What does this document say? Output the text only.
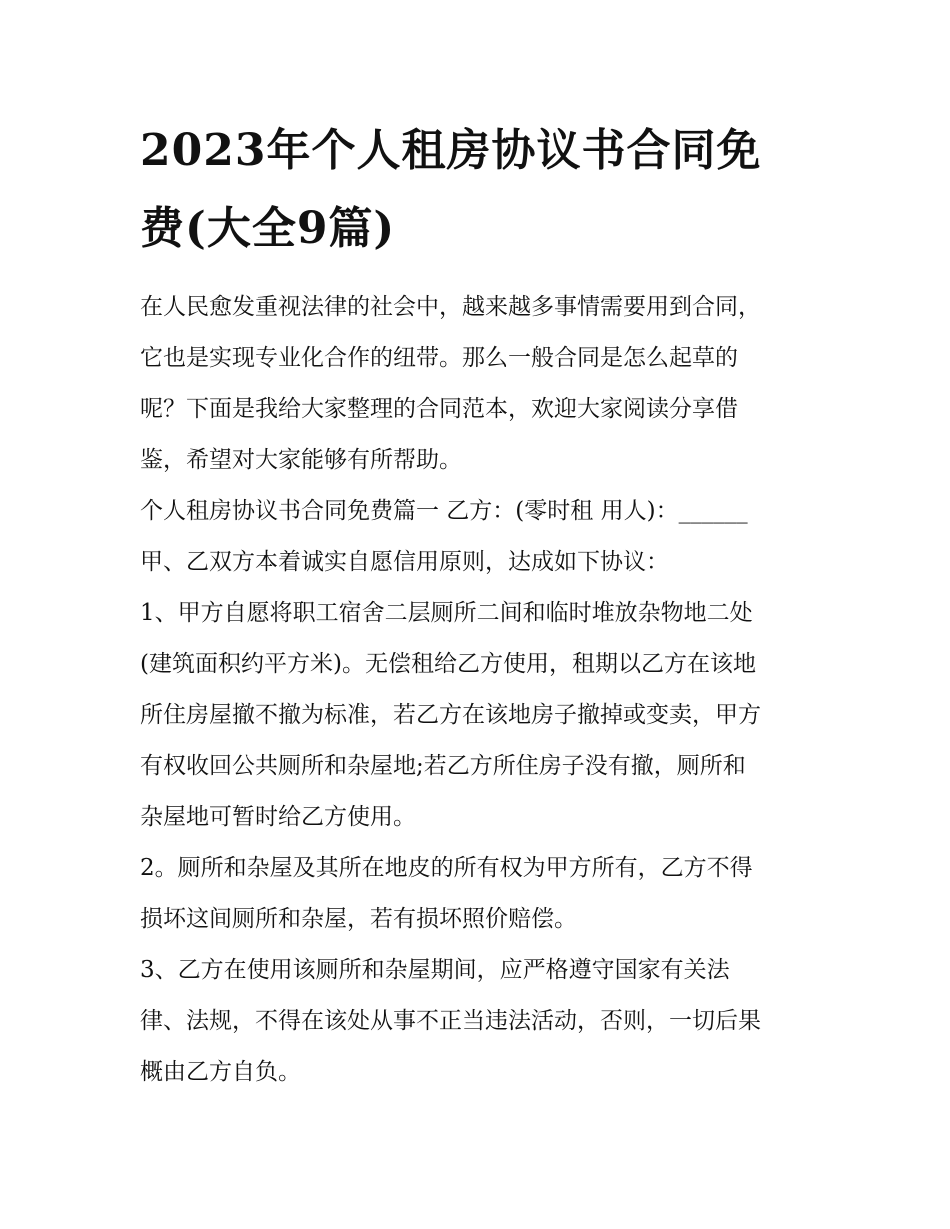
2023年个人租房协议书合同免
费(大全9篇)

在人民愈发重视法律的社会中，越来越多事情需要用到合同，
它也是实现专业化合作的纽带。那么一般合同是怎么起草的
呢？下面是我给大家整理的合同范本，欢迎大家阅读分享借
鉴，希望对大家能够有所帮助。

个人租房协议书合同免费篇一 乙方：(零时租 用人)：______

甲、乙双方本着诚实自愿信用原则，达成如下协议：

1、甲方自愿将职工宿舍二层厕所二间和临时堆放杂物地二处
(建筑面积约平方米)。无偿租给乙方使用，租期以乙方在该地
所住房屋撤不撤为标准，若乙方在该地房子撤掉或变卖，甲方
有权收回公共厕所和杂屋地;若乙方所住房子没有撤，厕所和
杂屋地可暂时给乙方使用。

2。厕所和杂屋及其所在地皮的所有权为甲方所有，乙方不得
损坏这间厕所和杂屋，若有损坏照价赔偿。

3、乙方在使用该厕所和杂屋期间，应严格遵守国家有关法
律、法规，不得在该处从事不正当违法活动，否则，一切后果
概由乙方自负。
